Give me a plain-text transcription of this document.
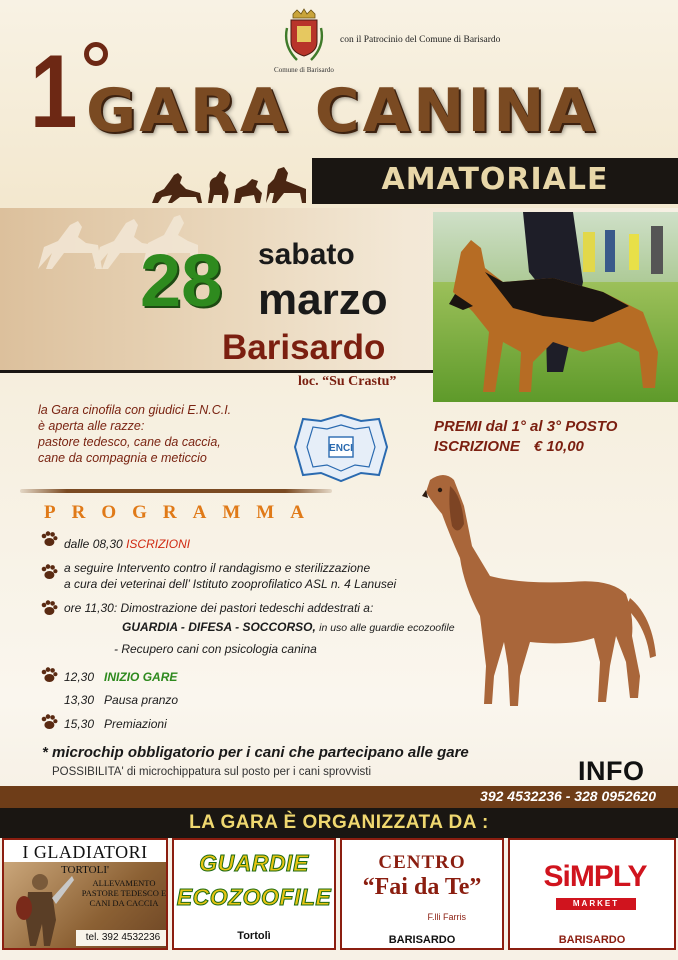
Comune di Barisardo
con il Patrocinio del Comune di Barisardo
1 GARA CANINA
AMATORIALE
28 sabato
marzo
Barisardo
loc. “Su Crastu”
la Gara cinofila con giudici E.N.C.I.
è aperta alle razze:
pastore tedesco, cane da caccia,
cane da compagnia e meticcio
ENCI
PREMI dal 1° al 3° POSTO
ISCRIZIONE € 10,00
PROGRAMMA
dalle 08,30 ISCRIZIONI
a seguire Intervento contro il randagismo e sterilizzazione
a cura dei veterinai dell’ Istituto zooprofilatico ASL n. 4 Lanusei
ore 11,30: Dimostrazione dei pastori tedeschi addestrati a:
GUARDIA - DIFESA - SOCCORSO, in uso alle guardie ecozoofile
- Recupero cani con psicologia canina
12,30 INIZIO GARE
13,30 Pausa pranzo
15,30 Premiazioni
* microchip obbligatorio per i cani che partecipano alle gare
POSSIBILITA' di microchippatura sul posto per i cani sprovvisti	INFO
392 4532236 - 328 0952620
LA GARA È ORGANIZZATA DA :
I GLADIATORI
TORTOLI'
ALLEVAMENTO
PASTORE TEDESCO E
CANI DA CACCIA
tel. 392 4532236
GUARDIE
ECOZOOFILE
Tortolì
CENTRO
“Fai da Te”
F.lli Farris
BARISARDO
SiMPLY
MARKET
BARISARDO
